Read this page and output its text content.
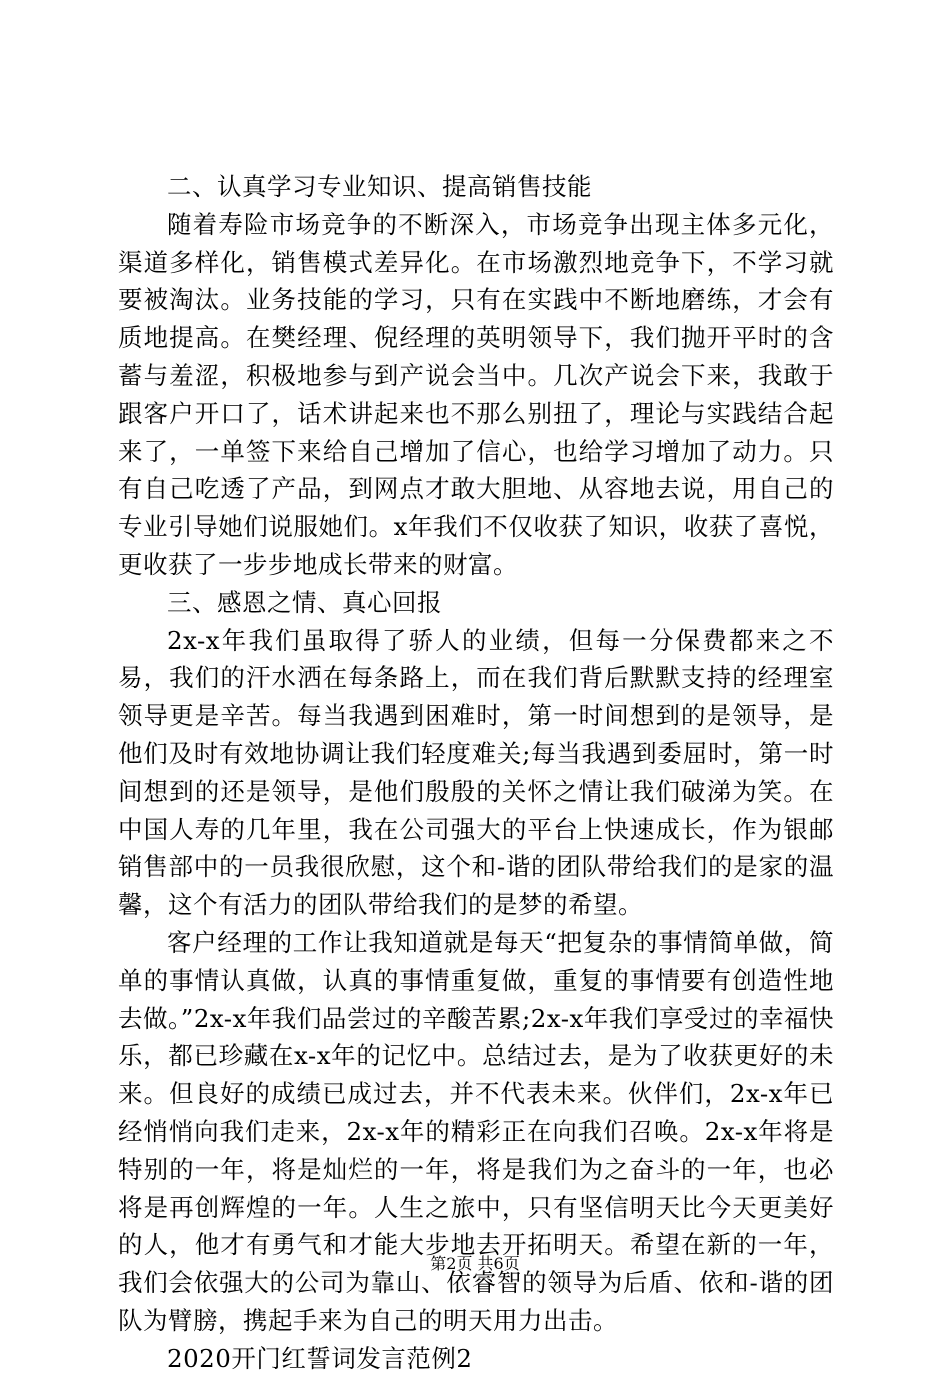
二、认真学习专业知识、提高销售技能

随着寿险市场竞争的不断深入，市场竞争出现主体多元化，渠道多样化，销售模式差异化。在市场激烈地竞争下，不学习就要被淘汰。业务技能的学习，只有在实践中不断地磨练，才会有质地提高。在樊经理、倪经理的英明领导下，我们抛开平时的含蓄与羞涩，积极地参与到产说会当中。几次产说会下来，我敢于跟客户开口了，话术讲起来也不那么别扭了，理论与实践结合起来了，一单签下来给自己增加了信心，也给学习增加了动力。只有自己吃透了产品，到网点才敢大胆地、从容地去说，用自己的专业引导她们说服她们。x年我们不仅收获了知识，收获了喜悦，更收获了一步步地成长带来的财富。

三、感恩之情、真心回报

2x-x年我们虽取得了骄人的业绩，但每一分保费都来之不易，我们的汗水洒在每条路上，而在我们背后默默支持的经理室领导更是辛苦。每当我遇到困难时，第一时间想到的是领导，是他们及时有效地协调让我们轻度难关;每当我遇到委屈时，第一时间想到的还是领导，是他们殷殷的关怀之情让我们破涕为笑。在中国人寿的几年里，我在公司强大的平台上快速成长，作为银邮销售部中的一员我很欣慰，这个和-谐的团队带给我们的是家的温馨，这个有活力的团队带给我们的是梦的希望。

客户经理的工作让我知道就是每天“把复杂的事情简单做，简单的事情认真做，认真的事情重复做，重复的事情要有创造性地去做。”2x-x年我们品尝过的辛酸苦累;2x-x年我们享受过的幸福快乐，都已珍藏在x-x年的记忆中。总结过去，是为了收获更好的未来。但良好的成绩已成过去，并不代表未来。伙伴们，2x-x年已经悄悄向我们走来，2x-x年的精彩正在向我们召唤。2x-x年将是特别的一年，将是灿烂的一年，将是我们为之奋斗的一年，也必将是再创辉煌的一年。人生之旅中，只有坚信明天比今天更美好的人，他才有勇气和才能大步地去开拓明天。希望在新的一年，我们会依强大的公司为靠山、依睿智的领导为后盾、依和-谐的团队为臂膀，携起手来为自己的明天用力出击。

2020开门红誓词发言范例2

第2页 共6页
